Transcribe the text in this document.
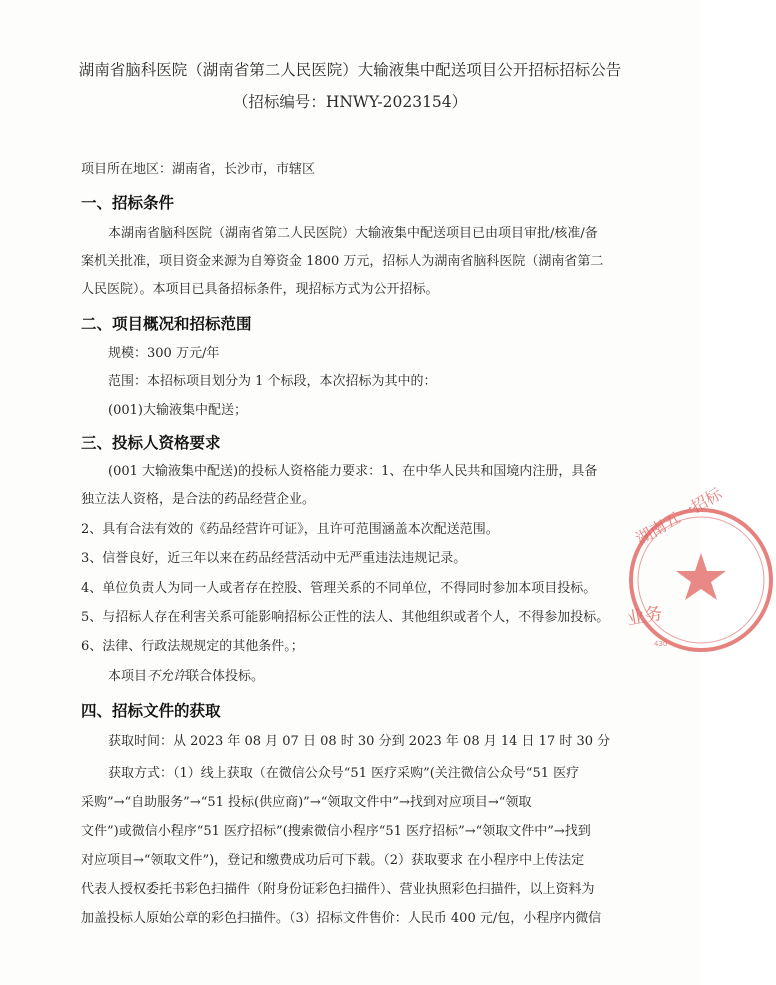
湖南省脑科医院（湖南省第二人民医院）大输液集中配送项目公开招标招标公告
（招标编号：HNWY-2023154）
项目所在地区：湖南省，长沙市，市辖区
一、招标条件
本湖南省脑科医院（湖南省第二人民医院）大输液集中配送项目已由项目审批/核准/备
案机关批准，项目资金来源为自筹资金 1800 万元，招标人为湖南省脑科医院（湖南省第二
人民医院）。本项目已具备招标条件，现招标方式为公开招标。
二、项目概况和招标范围
规模：300 万元/年
范围：本招标项目划分为 1 个标段，本次招标为其中的：
(001)大输液集中配送；
三、投标人资格要求
(001 大输液集中配送)的投标人资格能力要求：1、在中华人民共和国境内注册，具备
独立法人资格，是合法的药品经营企业。
2、具有合法有效的《药品经营许可证》，且许可范围涵盖本次配送范围。
3、信誉良好，近三年以来在药品经营活动中无严重违法违规记录。
4、单位负责人为同一人或者存在控股、管理关系的不同单位，不得同时参加本项目投标。
5、与招标人存在利害关系可能影响招标公正性的法人、其他组织或者个人，不得参加投标。
6、法律、行政法规规定的其他条件。；
本项目不允许联合体投标。
四、招标文件的获取
获取时间：从 2023 年 08 月 07 日 08 时 30 分到 2023 年 08 月 14 日 17 时 30 分
获取方式：（1）线上获取（在微信公众号“51 医疗采购”(关注微信公众号“51 医疗
采购”→“自助服务”→“51 投标(供应商)”→“领取文件中”→找到对应项目→“领取
文件”)或微信小程序“51 医疗招标”(搜索微信小程序“51 医疗招标”→“领取文件中”→找到
对应项目→“领取文件”)，登记和缴费成功后可下载。（2）获取要求 在小程序中上传法定
代表人授权委托书彩色扫描件（附身份证彩色扫描件）、营业执照彩色扫描件，以上资料为
加盖投标人原始公章的彩色扫描件。（3）招标文件售价：人民币 400 元/包，小程序内微信
湖南五一招标
业务
430
